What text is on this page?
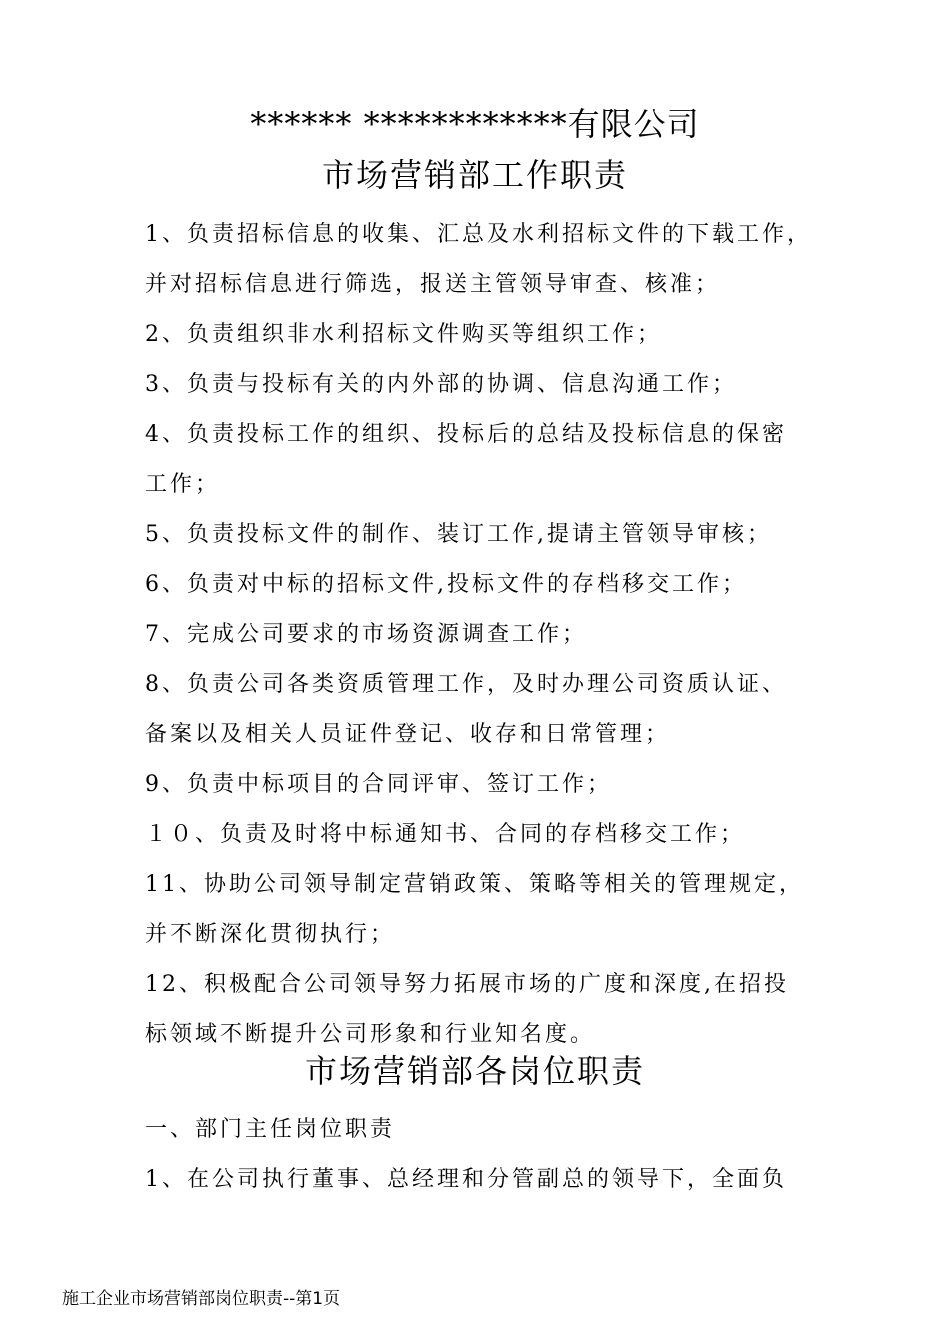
****** ************有限公司
市场营销部工作职责
1、负责招标信息的收集、汇总及水利招标文件的下载工作，
并对招标信息进行筛选，报送主管领导审查、核准；
2、负责组织非水利招标文件购买等组织工作；
3、负责与投标有关的内外部的协调、信息沟通工作；
4、负责投标工作的组织、投标后的总结及投标信息的保密
工作；
5、负责投标文件的制作、装订工作,提请主管领导审核；
6、负责对中标的招标文件,投标文件的存档移交工作；
7、完成公司要求的市场资源调查工作；
8、负责公司各类资质管理工作，及时办理公司资质认证、
备案以及相关人员证件登记、收存和日常管理；
9、负责中标项目的合同评审、签订工作；
１０、负责及时将中标通知书、合同的存档移交工作；
11、协助公司领导制定营销政策、策略等相关的管理规定，
并不断深化贯彻执行；
12、积极配合公司领导努力拓展市场的广度和深度,在招投
标领域不断提升公司形象和行业知名度。
市场营销部各岗位职责
一、部门主任岗位职责
1、在公司执行董事、总经理和分管副总的领导下，全面负
施工企业市场营销部岗位职责--第1页
